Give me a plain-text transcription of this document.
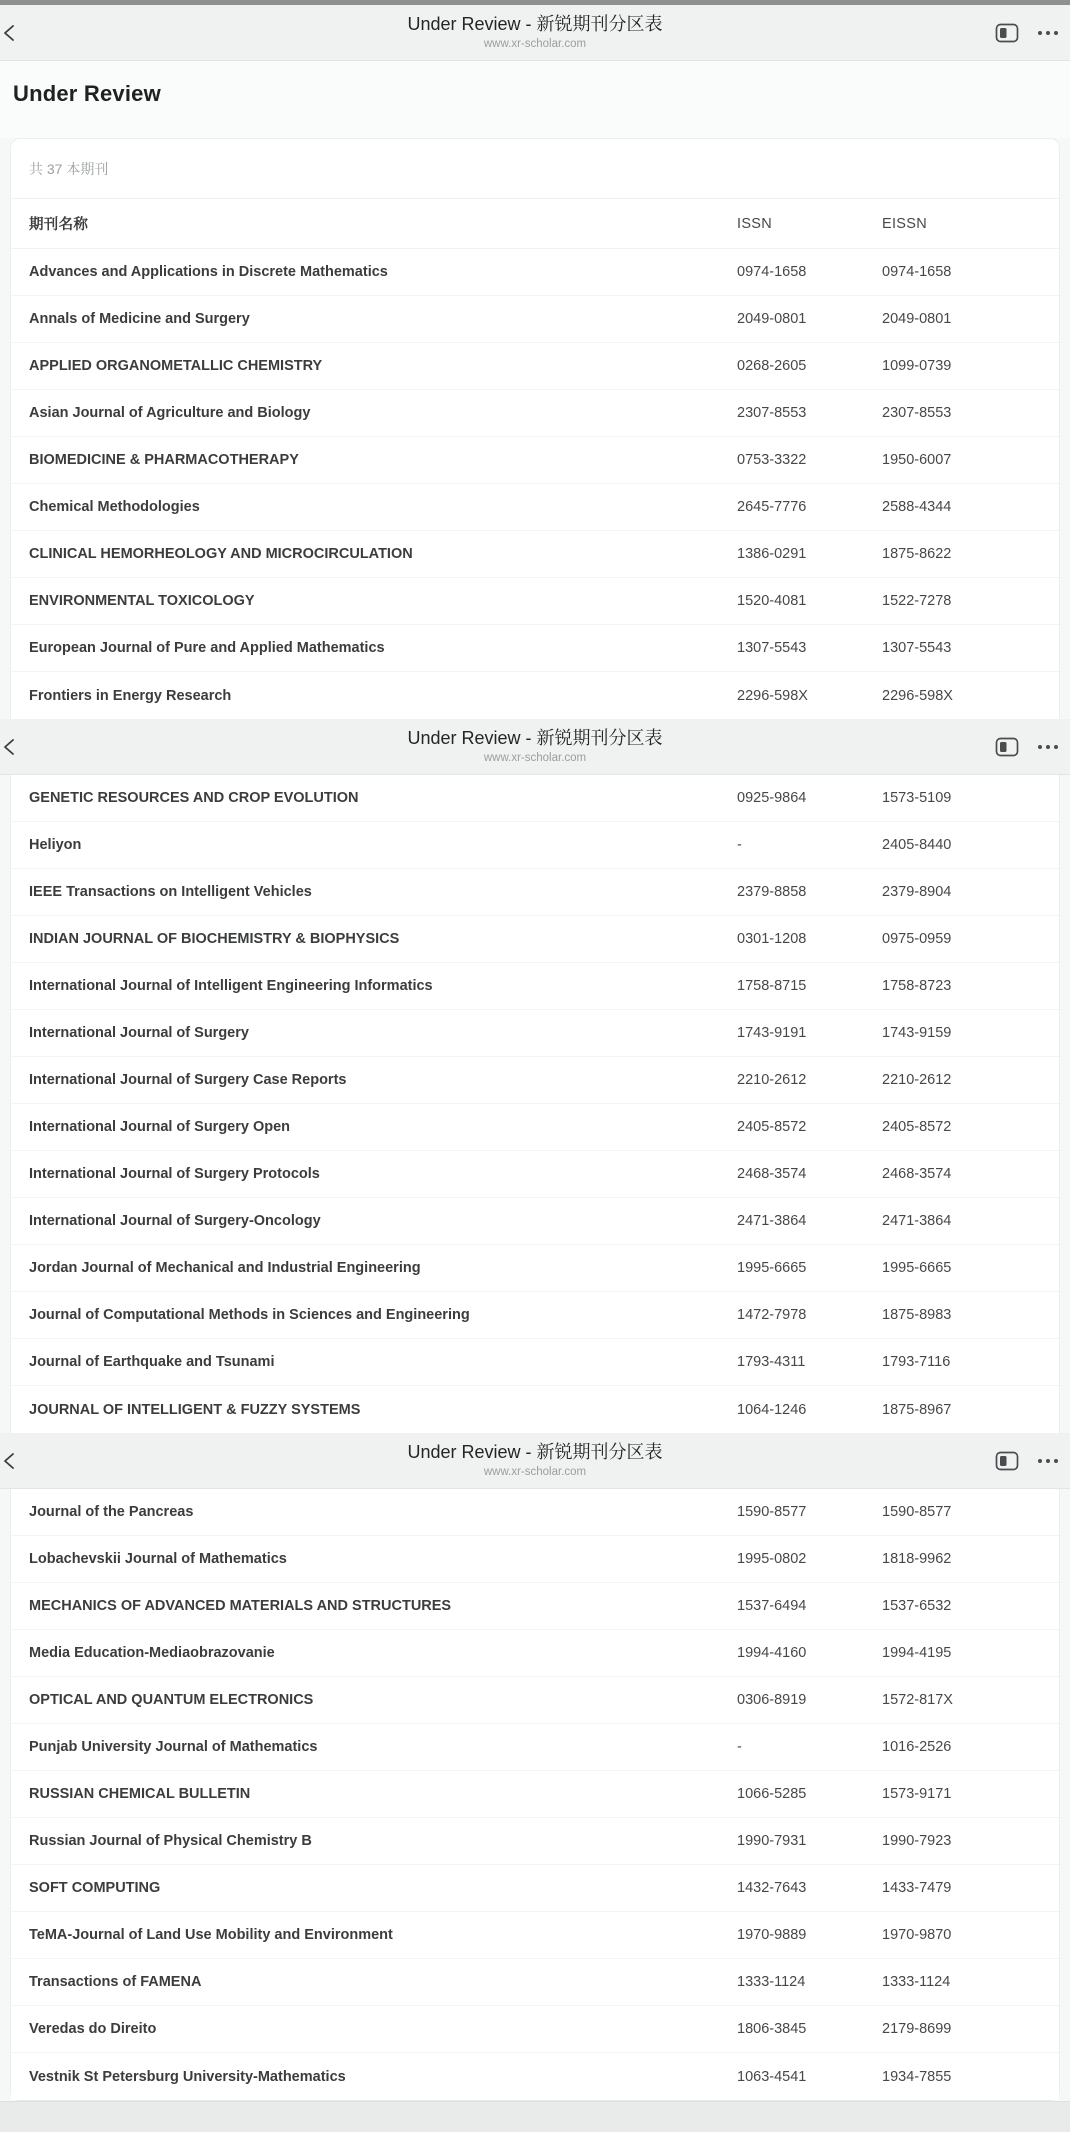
Under Review - 新锐期刊分区表
www.xr-scholar.com
Under Review
共 37 本期刊
期刊名称	ISSN	EISSN
Advances and Applications in Discrete Mathematics	0974-1658	0974-1658
Annals of Medicine and Surgery	2049-0801	2049-0801
APPLIED ORGANOMETALLIC CHEMISTRY	0268-2605	1099-0739
Asian Journal of Agriculture and Biology	2307-8553	2307-8553
BIOMEDICINE & PHARMACOTHERAPY	0753-3322	1950-6007
Chemical Methodologies	2645-7776	2588-4344
CLINICAL HEMORHEOLOGY AND MICROCIRCULATION	1386-0291	1875-8622
ENVIRONMENTAL TOXICOLOGY	1520-4081	1522-7278
European Journal of Pure and Applied Mathematics	1307-5543	1307-5543
Frontiers in Energy Research	2296-598X	2296-598X
Under Review - 新锐期刊分区表
www.xr-scholar.com
GENETIC RESOURCES AND CROP EVOLUTION	0925-9864	1573-5109
Heliyon	-	2405-8440
IEEE Transactions on Intelligent Vehicles	2379-8858	2379-8904
INDIAN JOURNAL OF BIOCHEMISTRY & BIOPHYSICS	0301-1208	0975-0959
International Journal of Intelligent Engineering Informatics	1758-8715	1758-8723
International Journal of Surgery	1743-9191	1743-9159
International Journal of Surgery Case Reports	2210-2612	2210-2612
International Journal of Surgery Open	2405-8572	2405-8572
International Journal of Surgery Protocols	2468-3574	2468-3574
International Journal of Surgery-Oncology	2471-3864	2471-3864
Jordan Journal of Mechanical and Industrial Engineering	1995-6665	1995-6665
Journal of Computational Methods in Sciences and Engineering	1472-7978	1875-8983
Journal of Earthquake and Tsunami	1793-4311	1793-7116
JOURNAL OF INTELLIGENT & FUZZY SYSTEMS	1064-1246	1875-8967
Under Review - 新锐期刊分区表
www.xr-scholar.com
Journal of the Pancreas	1590-8577	1590-8577
Lobachevskii Journal of Mathematics	1995-0802	1818-9962
MECHANICS OF ADVANCED MATERIALS AND STRUCTURES	1537-6494	1537-6532
Media Education-Mediaobrazovanie	1994-4160	1994-4195
OPTICAL AND QUANTUM ELECTRONICS	0306-8919	1572-817X
Punjab University Journal of Mathematics	-	1016-2526
RUSSIAN CHEMICAL BULLETIN	1066-5285	1573-9171
Russian Journal of Physical Chemistry B	1990-7931	1990-7923
SOFT COMPUTING	1432-7643	1433-7479
TeMA-Journal of Land Use Mobility and Environment	1970-9889	1970-9870
Transactions of FAMENA	1333-1124	1333-1124
Veredas do Direito	1806-3845	2179-8699
Vestnik St Petersburg University-Mathematics	1063-4541	1934-7855
